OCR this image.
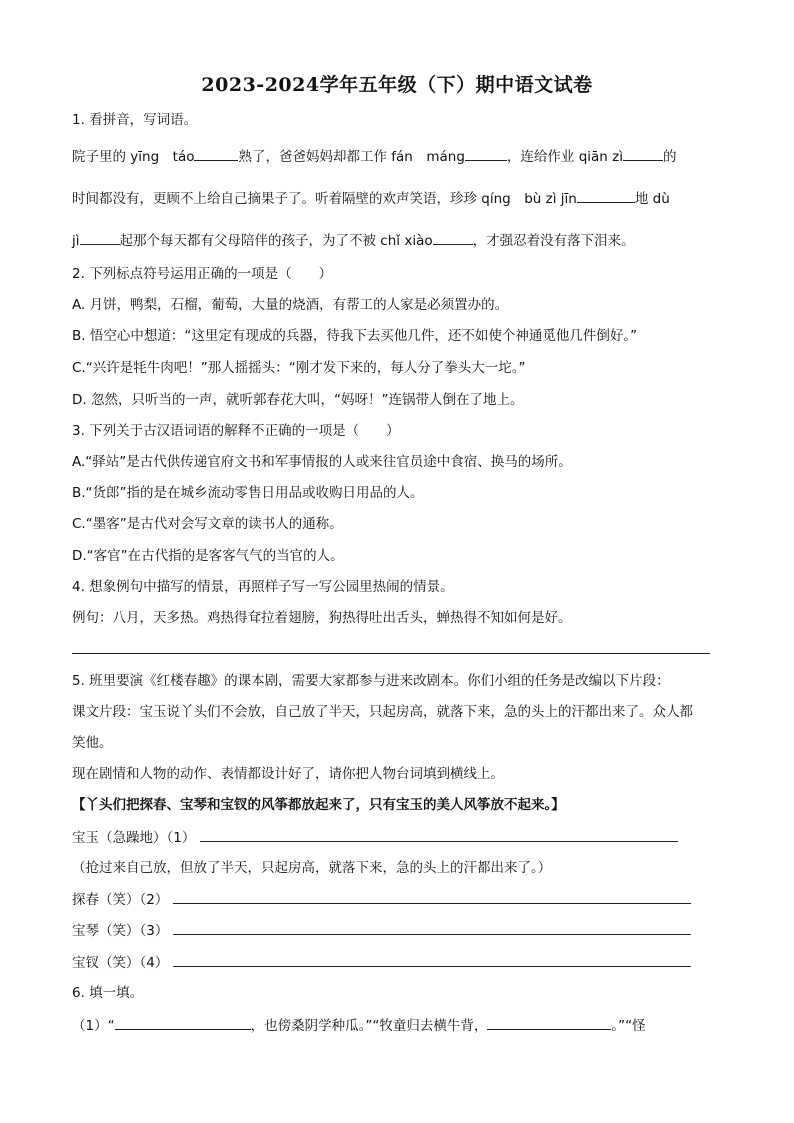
2023-2024学年五年级（下）期中语文试卷
1. 看拼音，写词语。
院子里的 yīng　táo	熟了，爸爸妈妈却都工作 fán　máng	，连给作业 qiān zì	的
时间都没有，更顾不上给自己摘果子了。听着隔壁的欢声笑语，珍珍 qíng　bù zì jīn	地 dù
jì	起那个每天都有父母陪伴的孩子，为了不被 chǐ xiào	，才强忍着没有落下泪来。
2. 下列标点符号运用正确的一项是（　　）
A. 月饼，鸭梨，石榴，葡萄，大量的烧酒，有帮工的人家是必须置办的。
B. 悟空心中想道：“这里定有现成的兵器，待我下去买他几件，还不如使个神通觅他几件倒好。”
C.“兴许是牦牛肉吧！”那人摇摇头：“刚才发下来的，每人分了拳头大一坨。”
D. 忽然，只听当的一声，就听郭春花大叫，“妈呀！”连锅带人倒在了地上。
3. 下列关于古汉语词语的解释不正确的一项是（　　）
A.“驿站”是古代供传递官府文书和军事情报的人或来往官员途中食宿、换马的场所。
B.“货郎”指的是在城乡流动零售日用品或收购日用品的人。
C.“墨客”是古代对会写文章的读书人的通称。
D.“客官”在古代指的是客客气气的当官的人。
4. 想象例句中描写的情景，再照样子写一写公园里热闹的情景。
例句：八月，天多热。鸡热得耷拉着翅膀，狗热得吐出舌头，蝉热得不知如何是好。
5. 班里要演《红楼春趣》的课本剧，需要大家都参与进来改剧本。你们小组的任务是改编以下片段：
课文片段：宝玉说丫头们不会放，自己放了半天，只起房高，就落下来，急的头上的汗都出来了。众人都
笑他。
现在剧情和人物的动作、表情都设计好了，请你把人物台词填到横线上。
【丫头们把探春、宝琴和宝钗的风筝都放起来了，只有宝玉的美人风筝放不起来。】
宝玉（急躁地）（1）
（抢过来自己放，但放了半天，只起房高，就落下来，急的头上的汗都出来了。）
探春（笑）（2）
宝琴（笑）（3）
宝钗（笑）（4）
6. 填一填。
（1）“	，也傍桑阴学种瓜。”“牧童归去横牛背，	。”“怪
